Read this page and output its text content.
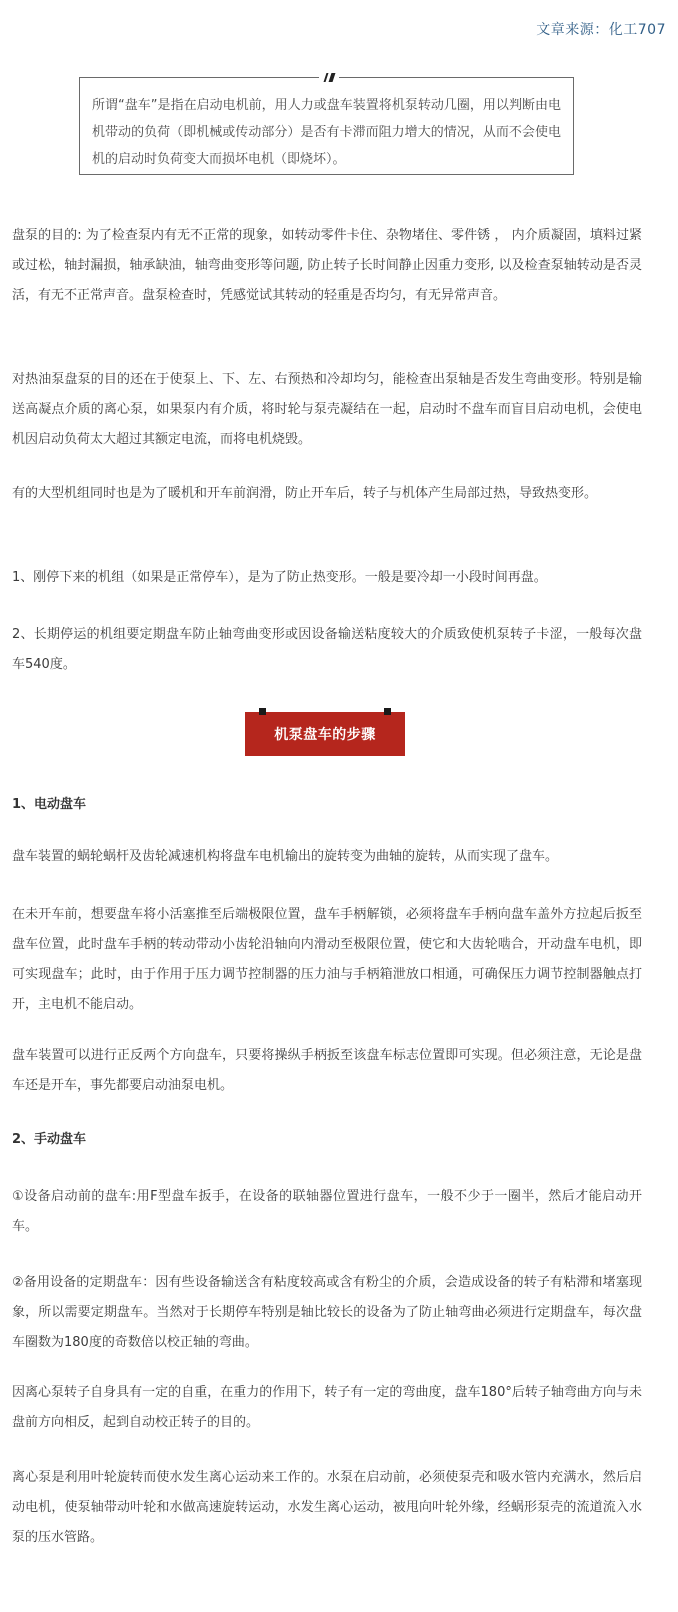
文章来源：化工707
所谓“盘车”是指在启动电机前，用人力或盘车装置将机泵转动几圈，用以判断由电机带动的负荷（即机械或传动部分）是否有卡滞而阻力增大的情况，从而不会使电机的启动时负荷变大而损坏电机（即烧坏）。

盘泵的目的: 为了检查泵内有无不正常的现象，如转动零件卡住、杂物堵住、零件锈 ， 内介质凝固，填料过紧或过松，轴封漏损，轴承缺油，轴弯曲变形等问题, 防止转子长时间静止因重力变形, 以及检查泵轴转动是否灵活，有无不正常声音。盘泵检查时，凭感觉试其转动的轻重是否均匀，有无异常声音。

对热油泵盘泵的目的还在于使泵上、下、左、右预热和冷却均匀，能检查出泵轴是否发生弯曲变形。特别是输送高凝点介质的离心泵，如果泵内有介质，将时轮与泵壳凝结在一起，启动时不盘车而盲目启动电机，会使电机因启动负荷太大超过其额定电流，而将电机烧毁。

有的大型机组同时也是为了暖机和开车前润滑，防止开车后，转子与机体产生局部过热，导致热变形。

1、刚停下来的机组（如果是正常停车），是为了防止热变形。一般是要冷却一小段时间再盘。

2、长期停运的机组要定期盘车防止轴弯曲变形或因设备输送粘度较大的介质致使机泵转子卡涩，一般每次盘车540度。

机泵盘车的步骤

1、电动盘车

盘车装置的蜗轮蜗杆及齿轮减速机构将盘车电机输出的旋转变为曲轴的旋转，从而实现了盘车。

在未开车前，想要盘车将小活塞推至后端极限位置，盘车手柄解锁，必须将盘车手柄向盘车盖外方拉起后扳至盘车位置，此时盘车手柄的转动带动小齿轮沿轴向内滑动至极限位置，使它和大齿轮啮合，开动盘车电机，即可实现盘车；此时，由于作用于压力调节控制器的压力油与手柄箱泄放口相通，可确保压力调节控制器触点打开，主电机不能启动。

盘车装置可以进行正反两个方向盘车，只要将操纵手柄扳至该盘车标志位置即可实现。但必须注意，无论是盘车还是开车，事先都要启动油泵电机。

2、手动盘车

①设备启动前的盘车:用F型盘车扳手，在设备的联轴器位置进行盘车，一般不少于一圈半，然后才能启动开车。

②备用设备的定期盘车：因有些设备输送含有粘度较高或含有粉尘的介质，会造成设备的转子有粘滞和堵塞现象，所以需要定期盘车。当然对于长期停车特别是轴比较长的设备为了防止轴弯曲必须进行定期盘车，每次盘车圈数为180度的奇数倍以校正轴的弯曲。

因离心泵转子自身具有一定的自重，在重力的作用下，转子有一定的弯曲度，盘车180°后转子轴弯曲方向与未盘前方向相反，起到自动校正转子的目的。

离心泵是利用叶轮旋转而使水发生离心运动来工作的。水泵在启动前，必须使泵壳和吸水管内充满水，然后启动电机，使泵轴带动叶轮和水做高速旋转运动，水发生离心运动，被甩向叶轮外缘，经蜗形泵壳的流道流入水泵的压水管路。
